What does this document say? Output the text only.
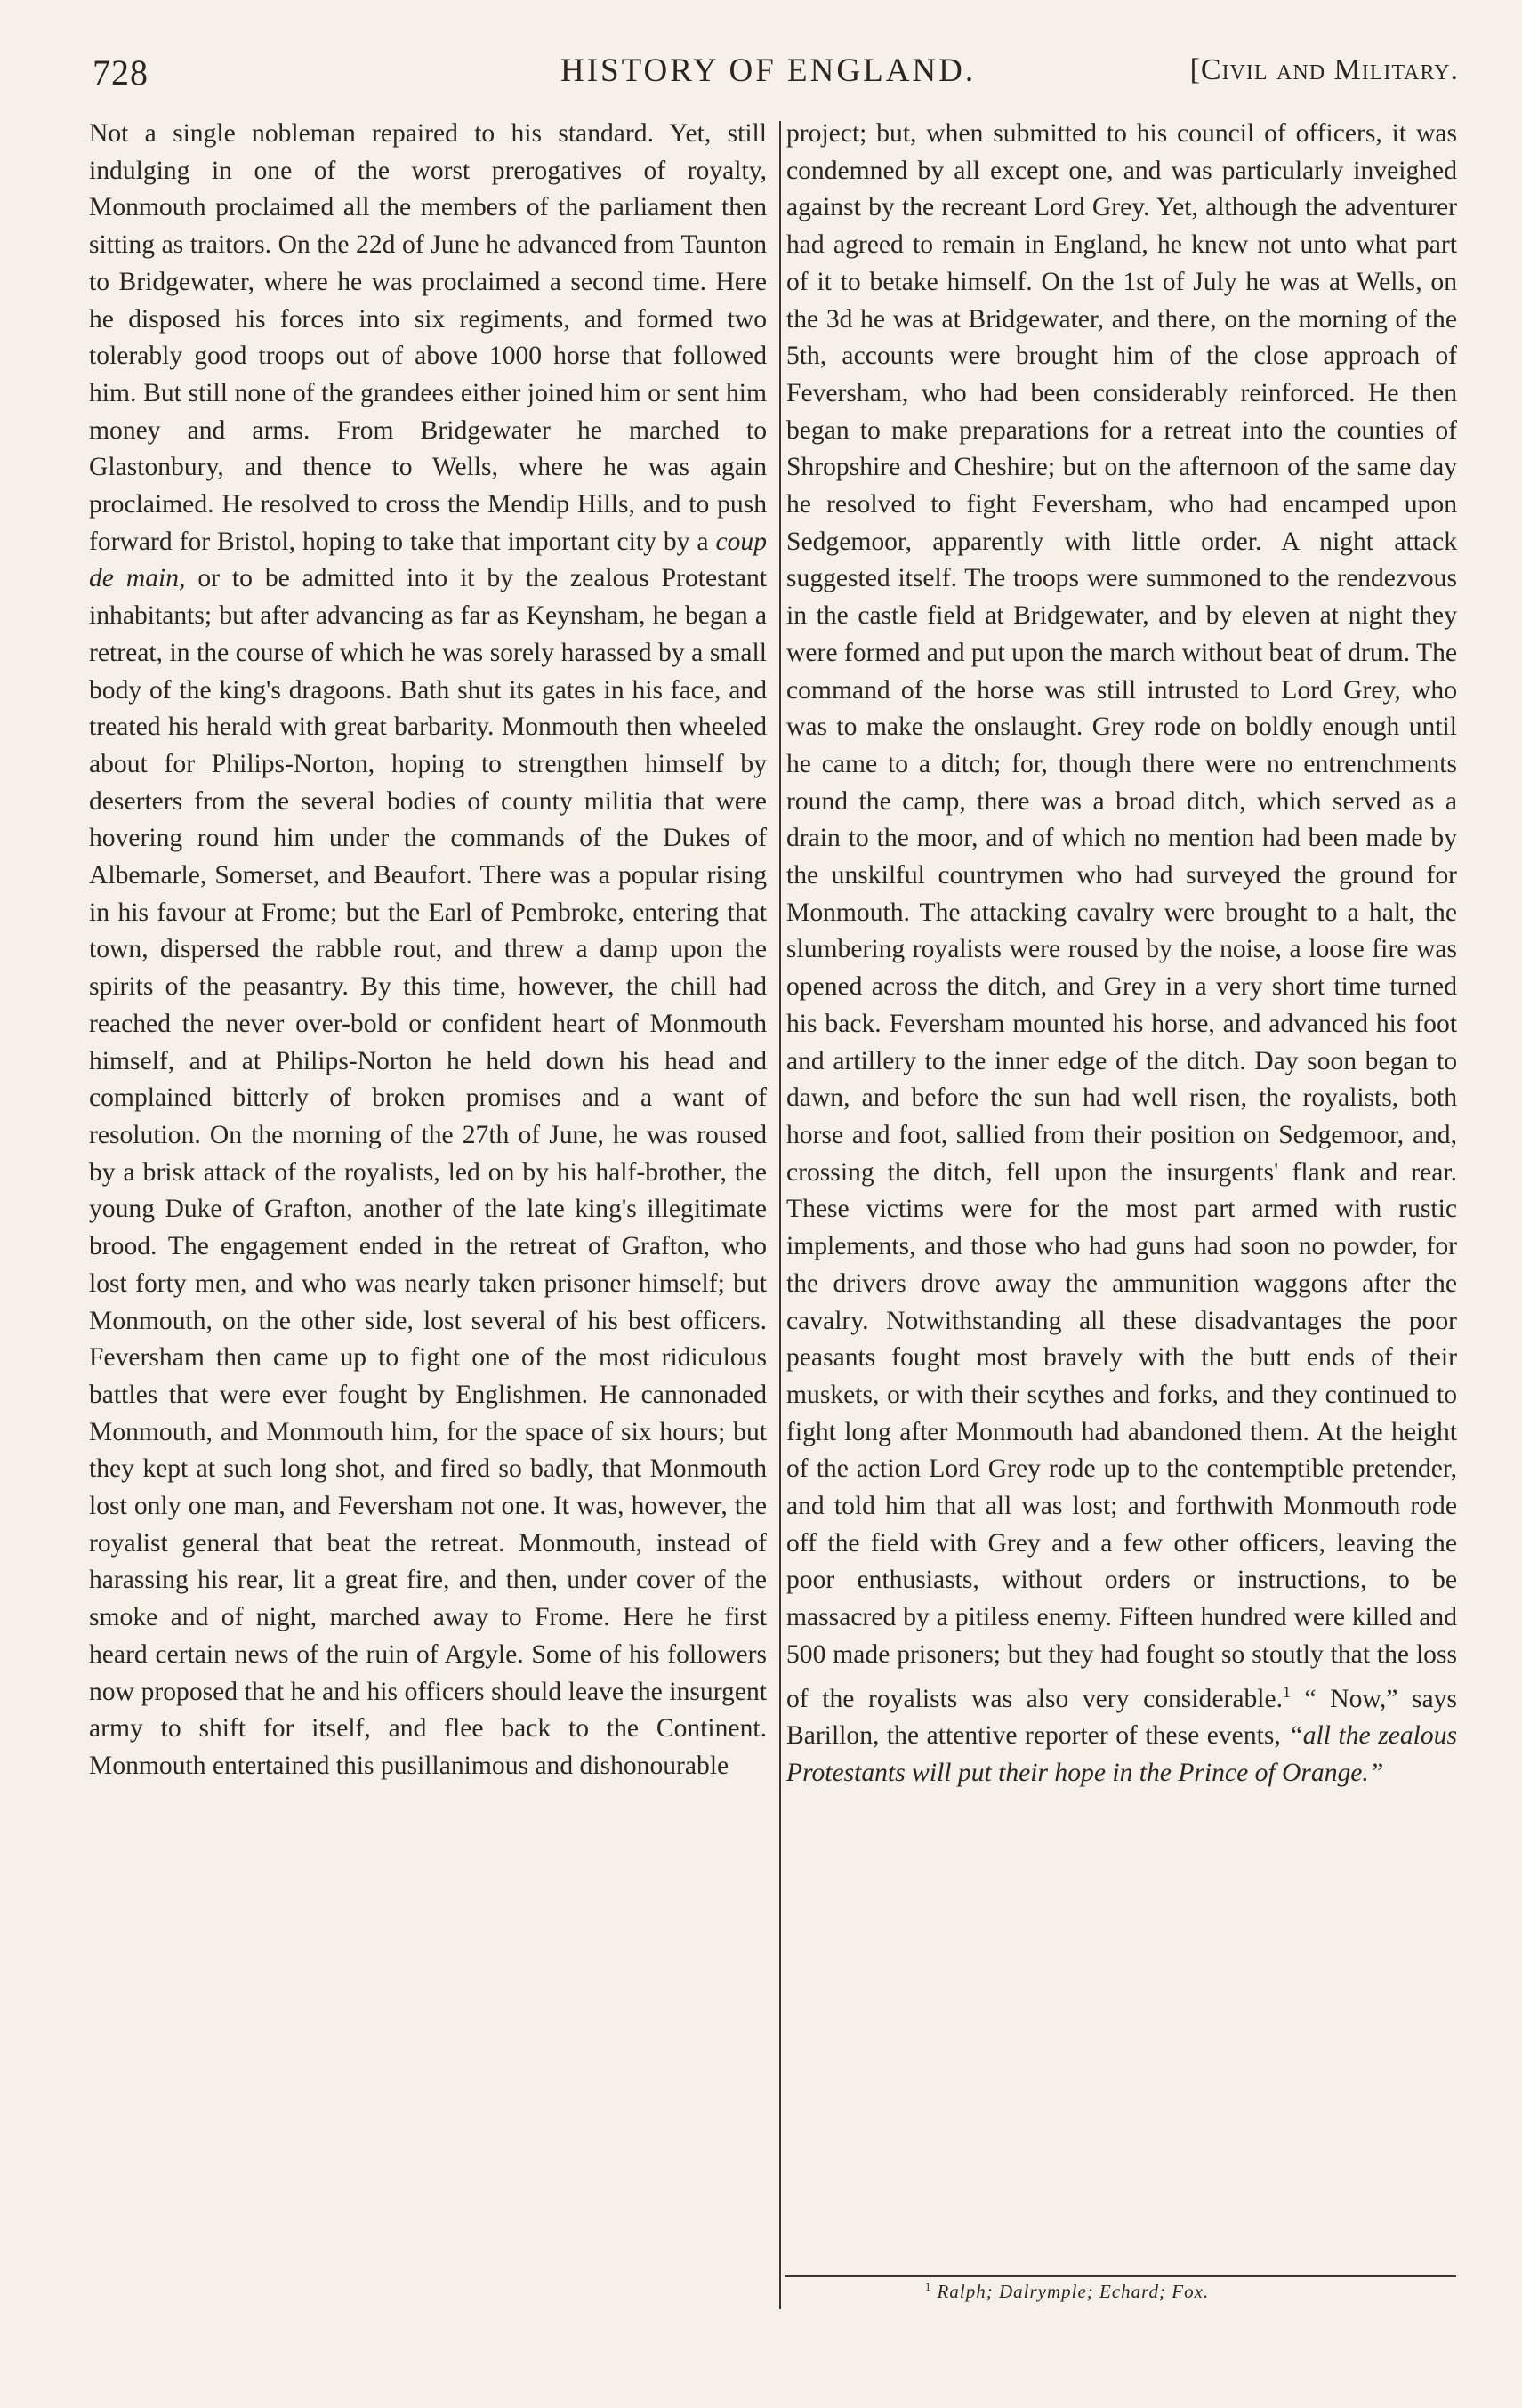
728	HISTORY OF ENGLAND.	[Civil and Military.

Not a single nobleman repaired to his standard. Yet, still indulging in one of the worst prerogatives of royalty, Monmouth proclaimed all the members of the parliament then sitting as traitors. On the 22d of June he advanced from Taunton to Bridgewater, where he was proclaimed a second time. Here he disposed his forces into six regiments, and formed two tolerably good troops out of above 1000 horse that followed him. But still none of the grandees either joined him or sent him money and arms. From Bridgewater he marched to Glastonbury, and thence to Wells, where he was again proclaimed. He resolved to cross the Mendip Hills, and to push forward for Bristol, hoping to take that important city by a coup de main, or to be admitted into it by the zealous Protestant inhabitants; but after advancing as far as Keynsham, he began a retreat, in the course of which he was sorely harassed by a small body of the king's dragoons. Bath shut its gates in his face, and treated his herald with great barbarity. Monmouth then wheeled about for Philips-Norton, hoping to strengthen himself by deserters from the several bodies of county militia that were hovering round him under the commands of the Dukes of Albemarle, Somerset, and Beaufort. There was a popular rising in his favour at Frome; but the Earl of Pembroke, entering that town, dispersed the rabble rout, and threw a damp upon the spirits of the peasantry. By this time, however, the chill had reached the never over-bold or confident heart of Monmouth himself, and at Philips-Norton he held down his head and complained bitterly of broken promises and a want of resolution. On the morning of the 27th of June, he was roused by a brisk attack of the royalists, led on by his half-brother, the young Duke of Grafton, another of the late king's illegitimate brood. The engagement ended in the retreat of Grafton, who lost forty men, and who was nearly taken prisoner himself; but Monmouth, on the other side, lost several of his best officers. Feversham then came up to fight one of the most ridiculous battles that were ever fought by Englishmen. He cannonaded Monmouth, and Monmouth him, for the space of six hours; but they kept at such long shot, and fired so badly, that Monmouth lost only one man, and Feversham not one. It was, however, the royalist general that beat the retreat. Monmouth, instead of harassing his rear, lit a great fire, and then, under cover of the smoke and of night, marched away to Frome. Here he first heard certain news of the ruin of Argyle. Some of his followers now proposed that he and his officers should leave the insurgent army to shift for itself, and flee back to the Continent. Monmouth entertained this pusillanimous and dishonourable

project; but, when submitted to his council of officers, it was condemned by all except one, and was particularly inveighed against by the recreant Lord Grey. Yet, although the adventurer had agreed to remain in England, he knew not unto what part of it to betake himself. On the 1st of July he was at Wells, on the 3d he was at Bridgewater, and there, on the morning of the 5th, accounts were brought him of the close approach of Feversham, who had been considerably reinforced. He then began to make preparations for a retreat into the counties of Shropshire and Cheshire; but on the afternoon of the same day he resolved to fight Feversham, who had encamped upon Sedgemoor, apparently with little order. A night attack suggested itself. The troops were summoned to the rendezvous in the castle field at Bridgewater, and by eleven at night they were formed and put upon the march without beat of drum. The command of the horse was still intrusted to Lord Grey, who was to make the onslaught. Grey rode on boldly enough until he came to a ditch; for, though there were no entrenchments round the camp, there was a broad ditch, which served as a drain to the moor, and of which no mention had been made by the unskilful countrymen who had surveyed the ground for Monmouth. The attacking cavalry were brought to a halt, the slumbering royalists were roused by the noise, a loose fire was opened across the ditch, and Grey in a very short time turned his back. Feversham mounted his horse, and advanced his foot and artillery to the inner edge of the ditch. Day soon began to dawn, and before the sun had well risen, the royalists, both horse and foot, sallied from their position on Sedgemoor, and, crossing the ditch, fell upon the insurgents' flank and rear. These victims were for the most part armed with rustic implements, and those who had guns had soon no powder, for the drivers drove away the ammunition waggons after the cavalry. Notwithstanding all these disadvantages the poor peasants fought most bravely with the butt ends of their muskets, or with their scythes and forks, and they continued to fight long after Monmouth had abandoned them. At the height of the action Lord Grey rode up to the contemptible pretender, and told him that all was lost; and forthwith Monmouth rode off the field with Grey and a few other officers, leaving the poor enthusiasts, without orders or instructions, to be massacred by a pitiless enemy. Fifteen hundred were killed and 500 made prisoners; but they had fought so stoutly that the loss of the royalists was also very considerable.$^1$ “ Now,” says Barillon, the attentive reporter of these events, “all the zealous Protestants will put their hope in the Prince of Orange.”

$^1$ Ralph; Dalrymple; Echard; Fox.
